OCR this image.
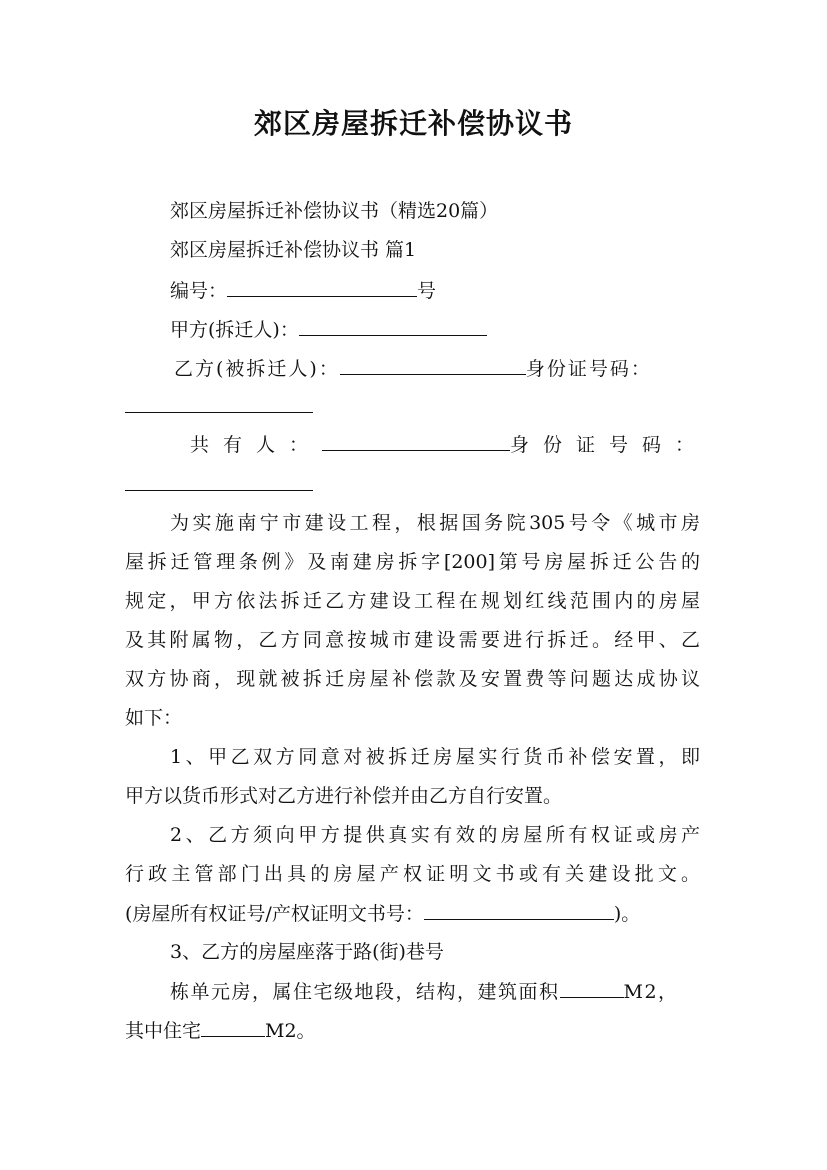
郊区房屋拆迁补偿协议书
郊区房屋拆迁补偿协议书（精选20篇）
郊区房屋拆迁补偿协议书 篇1
编号：	号
甲方(拆迁人)：
乙方(被拆迁人)：	身份证号码：
共有人：	身份证号码：
为实施南宁市建设工程，根据国务院305号令《城市房
屋拆迁管理条例》及南建房拆字[200]第号房屋拆迁公告的
规定，甲方依法拆迁乙方建设工程在规划红线范围内的房屋
及其附属物，乙方同意按城市建设需要进行拆迁。经甲、乙
双方协商，现就被拆迁房屋补偿款及安置费等问题达成协议
如下：
1、甲乙双方同意对被拆迁房屋实行货币补偿安置，即
甲方以货币形式对乙方进行补偿并由乙方自行安置。
2、乙方须向甲方提供真实有效的房屋所有权证或房产
行政主管部门出具的房屋产权证明文书或有关建设批文。
(房屋所有权证号/产权证明文书号：	)。
3、乙方的房屋座落于路(街)巷号
栋单元房，属住宅级地段，结构，建筑面积	M2，
其中住宅	M2。
